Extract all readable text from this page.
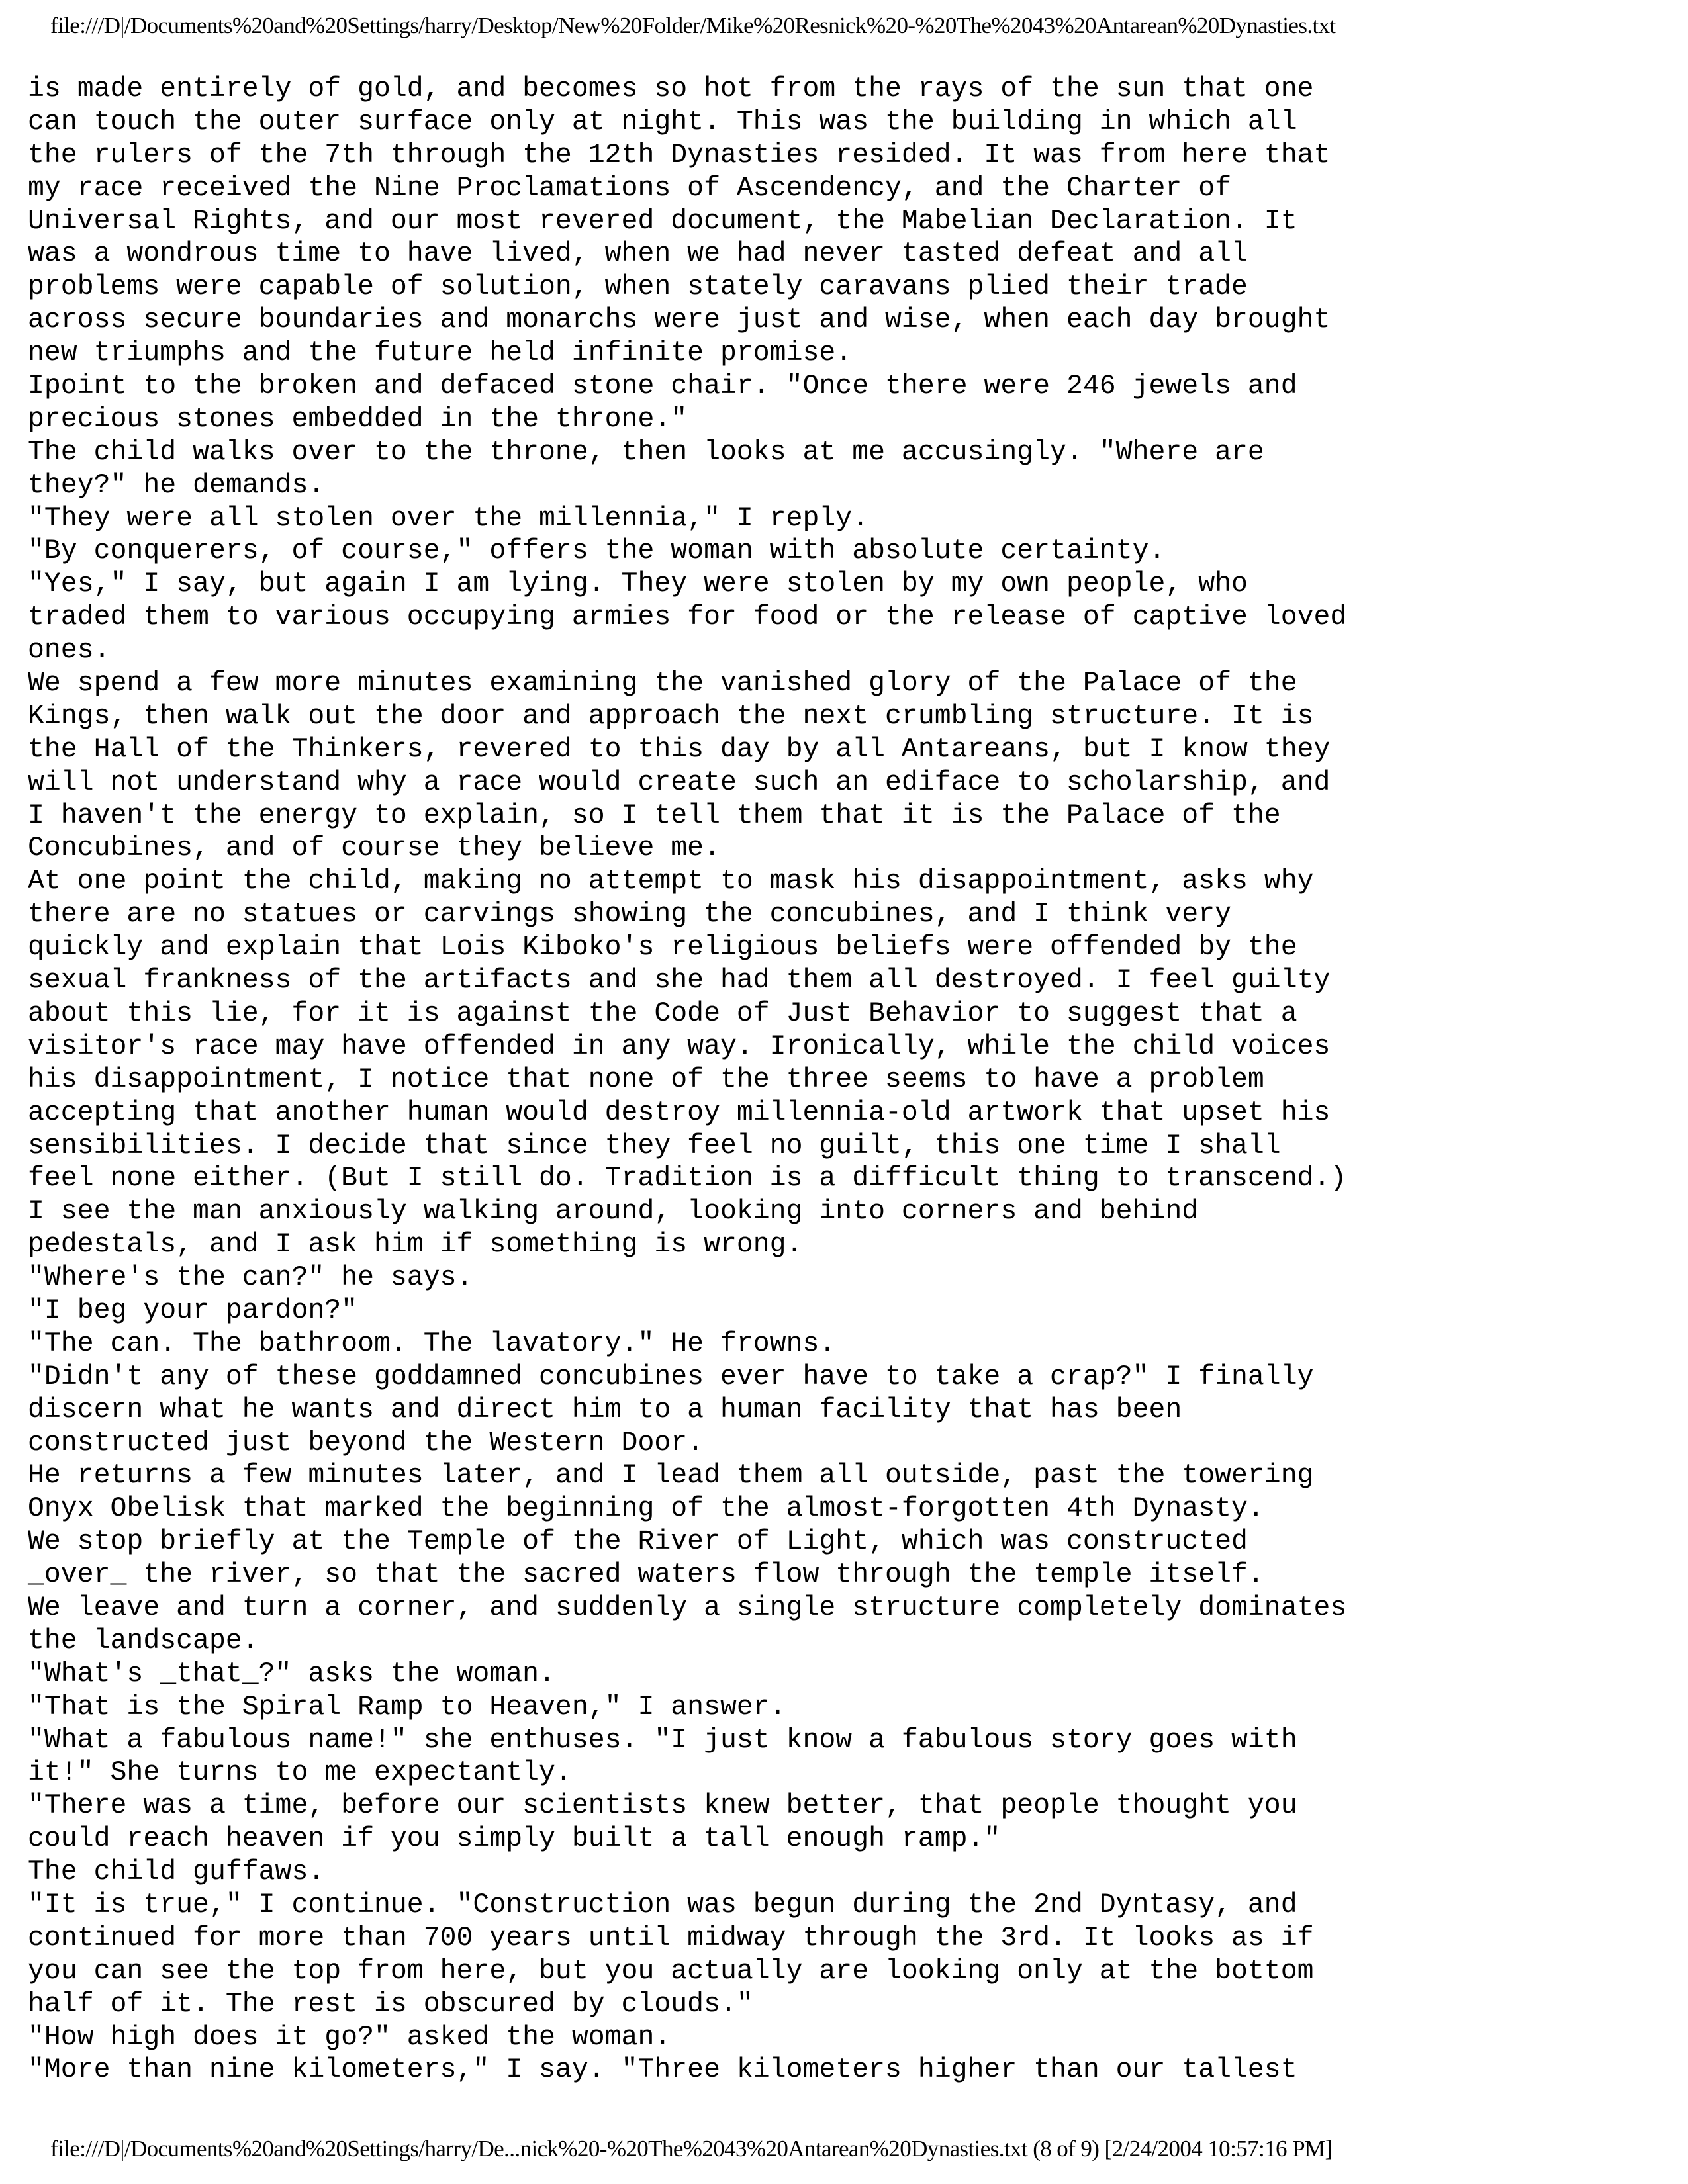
file:///D|/Documents%20and%20Settings/harry/Desktop/New%20Folder/Mike%20Resnick%20-%20The%2043%20Antarean%20Dynasties.txt
is made entirely of gold, and becomes so hot from the rays of the sun that one
can touch the outer surface only at night. This was the building in which all
the rulers of the 7th through the 12th Dynasties resided. It was from here that
my race received the Nine Proclamations of Ascendency, and the Charter of
Universal Rights, and our most revered document, the Mabelian Declaration. It
was a wondrous time to have lived, when we had never tasted defeat and all
problems were capable of solution, when stately caravans plied their trade
across secure boundaries and monarchs were just and wise, when each day brought
new triumphs and the future held infinite promise.
Ipoint to the broken and defaced stone chair. "Once there were 246 jewels and
precious stones embedded in the throne."
The child walks over to the throne, then looks at me accusingly. "Where are
they?" he demands.
"They were all stolen over the millennia," I reply.
"By conquerers, of course," offers the woman with absolute certainty.
"Yes," I say, but again I am lying. They were stolen by my own people, who
traded them to various occupying armies for food or the release of captive loved
ones.
We spend a few more minutes examining the vanished glory of the Palace of the
Kings, then walk out the door and approach the next crumbling structure. It is
the Hall of the Thinkers, revered to this day by all Antareans, but I know they
will not understand why a race would create such an ediface to scholarship, and
I haven't the energy to explain, so I tell them that it is the Palace of the
Concubines, and of course they believe me.
At one point the child, making no attempt to mask his disappointment, asks why
there are no statues or carvings showing the concubines, and I think very
quickly and explain that Lois Kiboko's religious beliefs were offended by the
sexual frankness of the artifacts and she had them all destroyed. I feel guilty
about this lie, for it is against the Code of Just Behavior to suggest that a
visitor's race may have offended in any way. Ironically, while the child voices
his disappointment, I notice that none of the three seems to have a problem
accepting that another human would destroy millennia-old artwork that upset his
sensibilities. I decide that since they feel no guilt, this one time I shall
feel none either. (But I still do. Tradition is a difficult thing to transcend.)
I see the man anxiously walking around, looking into corners and behind
pedestals, and I ask him if something is wrong.
"Where's the can?" he says.
"I beg your pardon?"
"The can. The bathroom. The lavatory." He frowns.
"Didn't any of these goddamned concubines ever have to take a crap?" I finally
discern what he wants and direct him to a human facility that has been
constructed just beyond the Western Door.
He returns a few minutes later, and I lead them all outside, past the towering
Onyx Obelisk that marked the beginning of the almost-forgotten 4th Dynasty.
We stop briefly at the Temple of the River of Light, which was constructed
_over_ the river, so that the sacred waters flow through the temple itself.
We leave and turn a corner, and suddenly a single structure completely dominates
the landscape.
"What's _that_?" asks the woman.
"That is the Spiral Ramp to Heaven," I answer.
"What a fabulous name!" she enthuses. "I just know a fabulous story goes with
it!" She turns to me expectantly.
"There was a time, before our scientists knew better, that people thought you
could reach heaven if you simply built a tall enough ramp."
The child guffaws.
"It is true," I continue. "Construction was begun during the 2nd Dyntasy, and
continued for more than 700 years until midway through the 3rd. It looks as if
you can see the top from here, but you actually are looking only at the bottom
half of it. The rest is obscured by clouds."
"How high does it go?" asked the woman.
"More than nine kilometers," I say. "Three kilometers higher than our tallest
file:///D|/Documents%20and%20Settings/harry/De...nick%20-%20The%2043%20Antarean%20Dynasties.txt (8 of 9) [2/24/2004 10:57:16 PM]
